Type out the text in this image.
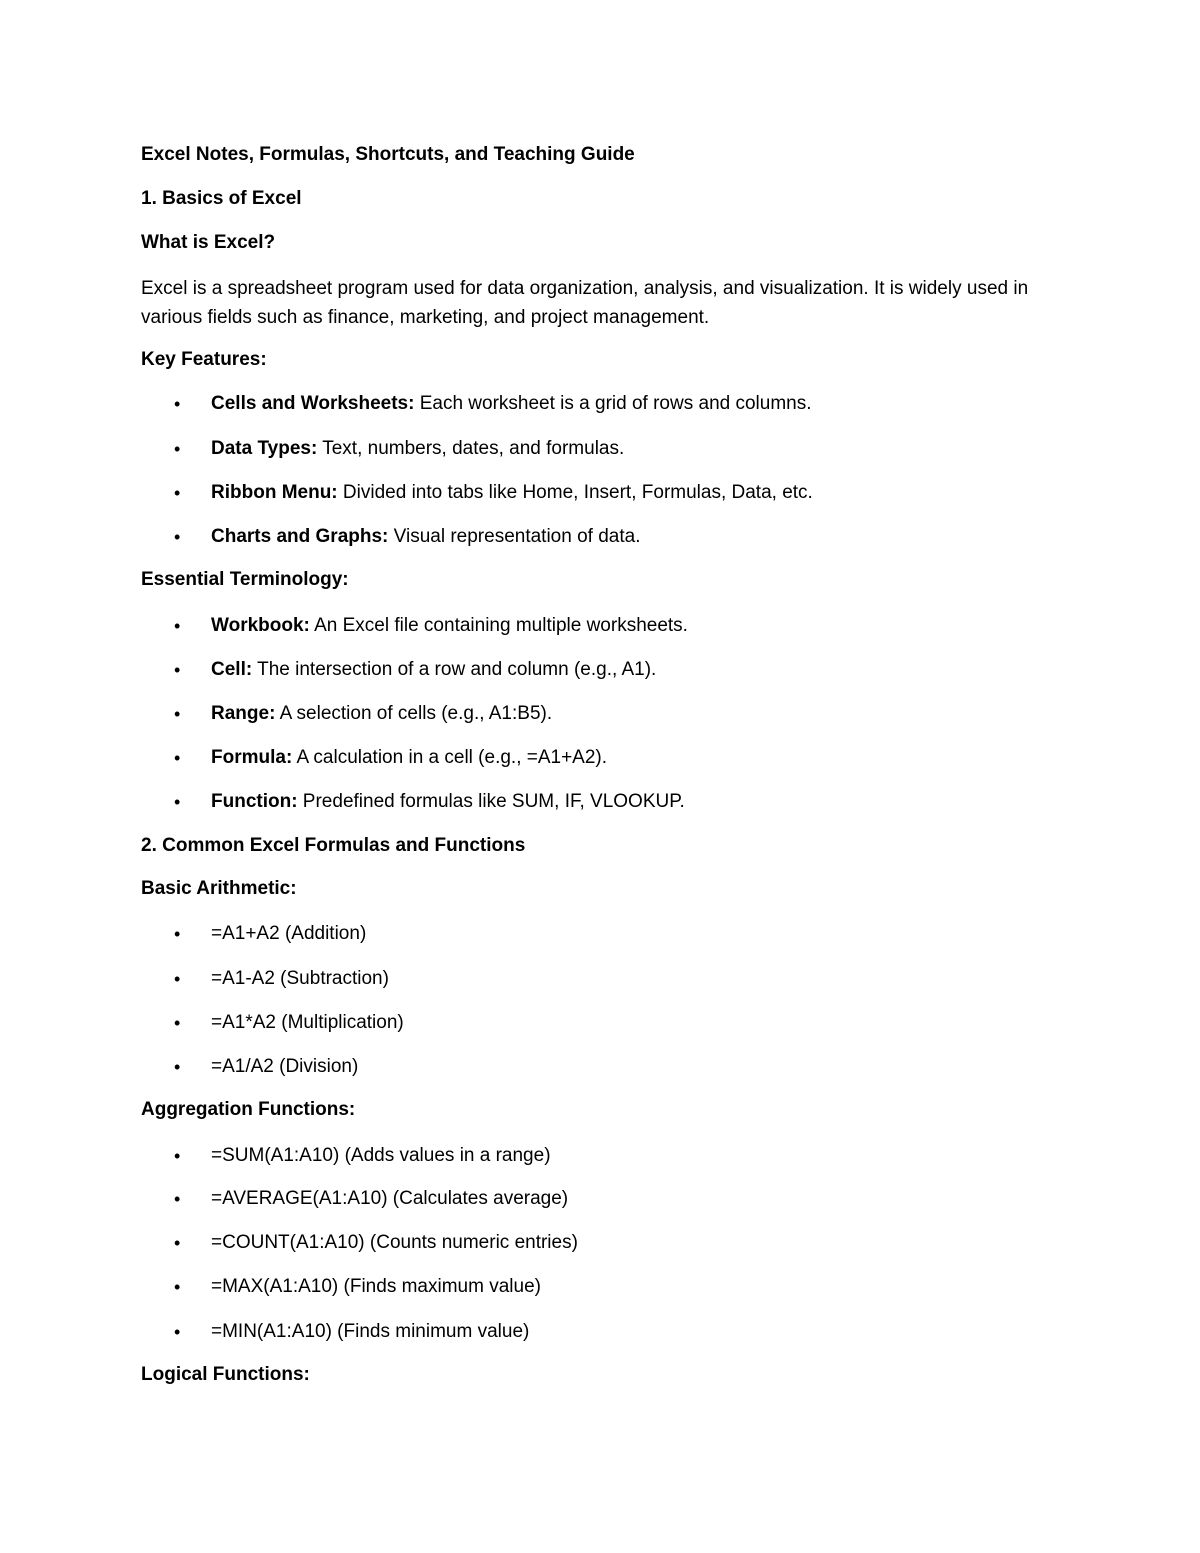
Excel Notes, Formulas, Shortcuts, and Teaching Guide
1. Basics of Excel
What is Excel?
Excel is a spreadsheet program used for data organization, analysis, and visualization. It is widely used in various fields such as finance, marketing, and project management.
Key Features:
•	Cells and Worksheets: Each worksheet is a grid of rows and columns.
•	Data Types: Text, numbers, dates, and formulas.
•	Ribbon Menu: Divided into tabs like Home, Insert, Formulas, Data, etc.
•	Charts and Graphs: Visual representation of data.
Essential Terminology:
•	Workbook: An Excel file containing multiple worksheets.
•	Cell: The intersection of a row and column (e.g., A1).
•	Range: A selection of cells (e.g., A1:B5).
•	Formula: A calculation in a cell (e.g., =A1+A2).
•	Function: Predefined formulas like SUM, IF, VLOOKUP.
2. Common Excel Formulas and Functions
Basic Arithmetic:
•	=A1+A2 (Addition)
•	=A1-A2 (Subtraction)
•	=A1*A2 (Multiplication)
•	=A1/A2 (Division)
Aggregation Functions:
•	=SUM(A1:A10) (Adds values in a range)
•	=AVERAGE(A1:A10) (Calculates average)
•	=COUNT(A1:A10) (Counts numeric entries)
•	=MAX(A1:A10) (Finds maximum value)
•	=MIN(A1:A10) (Finds minimum value)
Logical Functions:
